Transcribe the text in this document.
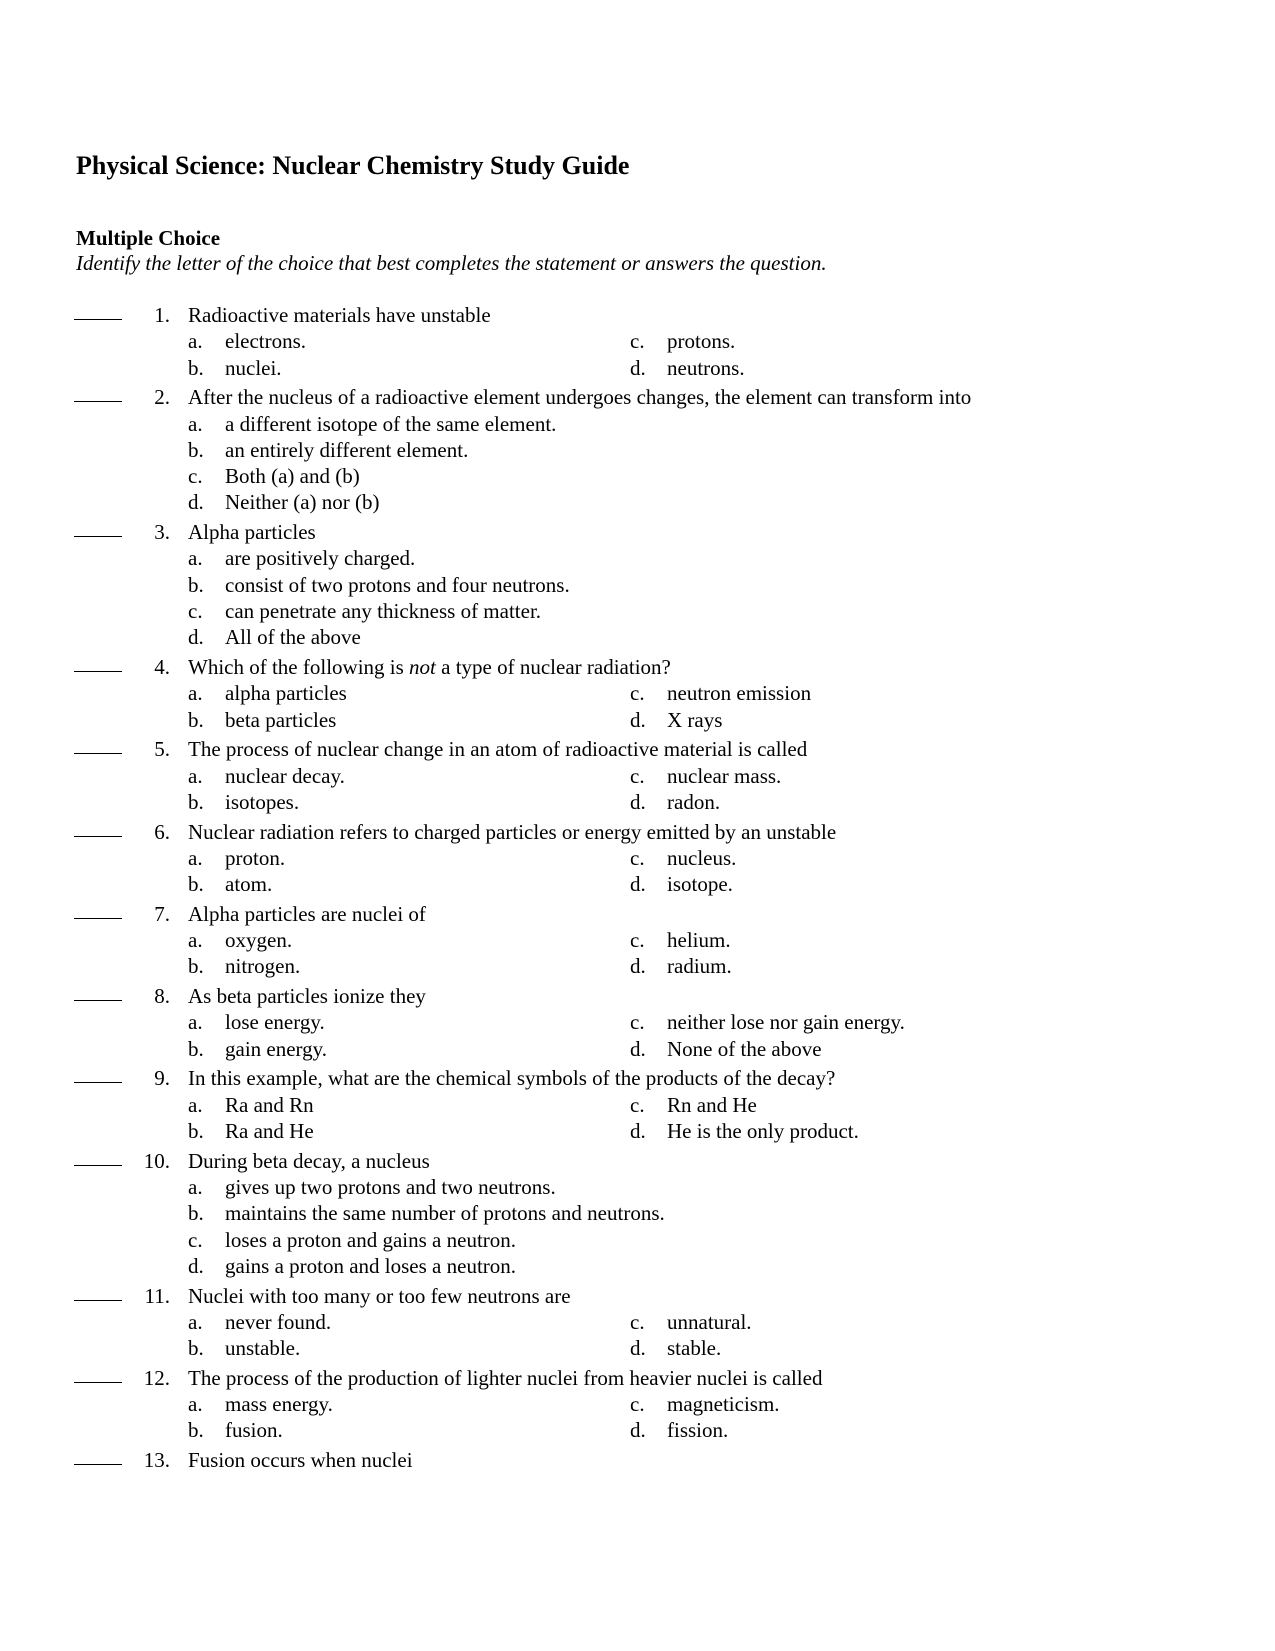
Physical Science: Nuclear Chemistry Study Guide
Multiple Choice
Identify the letter of the choice that best completes the statement or answers the question.
1. Radioactive materials have unstable
a. electrons.	c. protons.
b. nuclei.	d. neutrons.
2. After the nucleus of a radioactive element undergoes changes, the element can transform into
a. a different isotope of the same element.
b. an entirely different element.
c. Both (a) and (b)
d. Neither (a) nor (b)
3. Alpha particles
a. are positively charged.
b. consist of two protons and four neutrons.
c. can penetrate any thickness of matter.
d. All of the above
4. Which of the following is not a type of nuclear radiation?
a. alpha particles	c. neutron emission
b. beta particles	d. X rays
5. The process of nuclear change in an atom of radioactive material is called
a. nuclear decay.	c. nuclear mass.
b. isotopes.	d. radon.
6. Nuclear radiation refers to charged particles or energy emitted by an unstable
a. proton.	c. nucleus.
b. atom.	d. isotope.
7. Alpha particles are nuclei of
a. oxygen.	c. helium.
b. nitrogen.	d. radium.
8. As beta particles ionize they
a. lose energy.	c. neither lose nor gain energy.
b. gain energy.	d. None of the above
9. In this example, what are the chemical symbols of the products of the decay?
a. Ra and Rn	c. Rn and He
b. Ra and He	d. He is the only product.
10. During beta decay, a nucleus
a. gives up two protons and two neutrons.
b. maintains the same number of protons and neutrons.
c. loses a proton and gains a neutron.
d. gains a proton and loses a neutron.
11. Nuclei with too many or too few neutrons are
a. never found.	c. unnatural.
b. unstable.	d. stable.
12. The process of the production of lighter nuclei from heavier nuclei is called
a. mass energy.	c. magneticism.
b. fusion.	d. fission.
13. Fusion occurs when nuclei
